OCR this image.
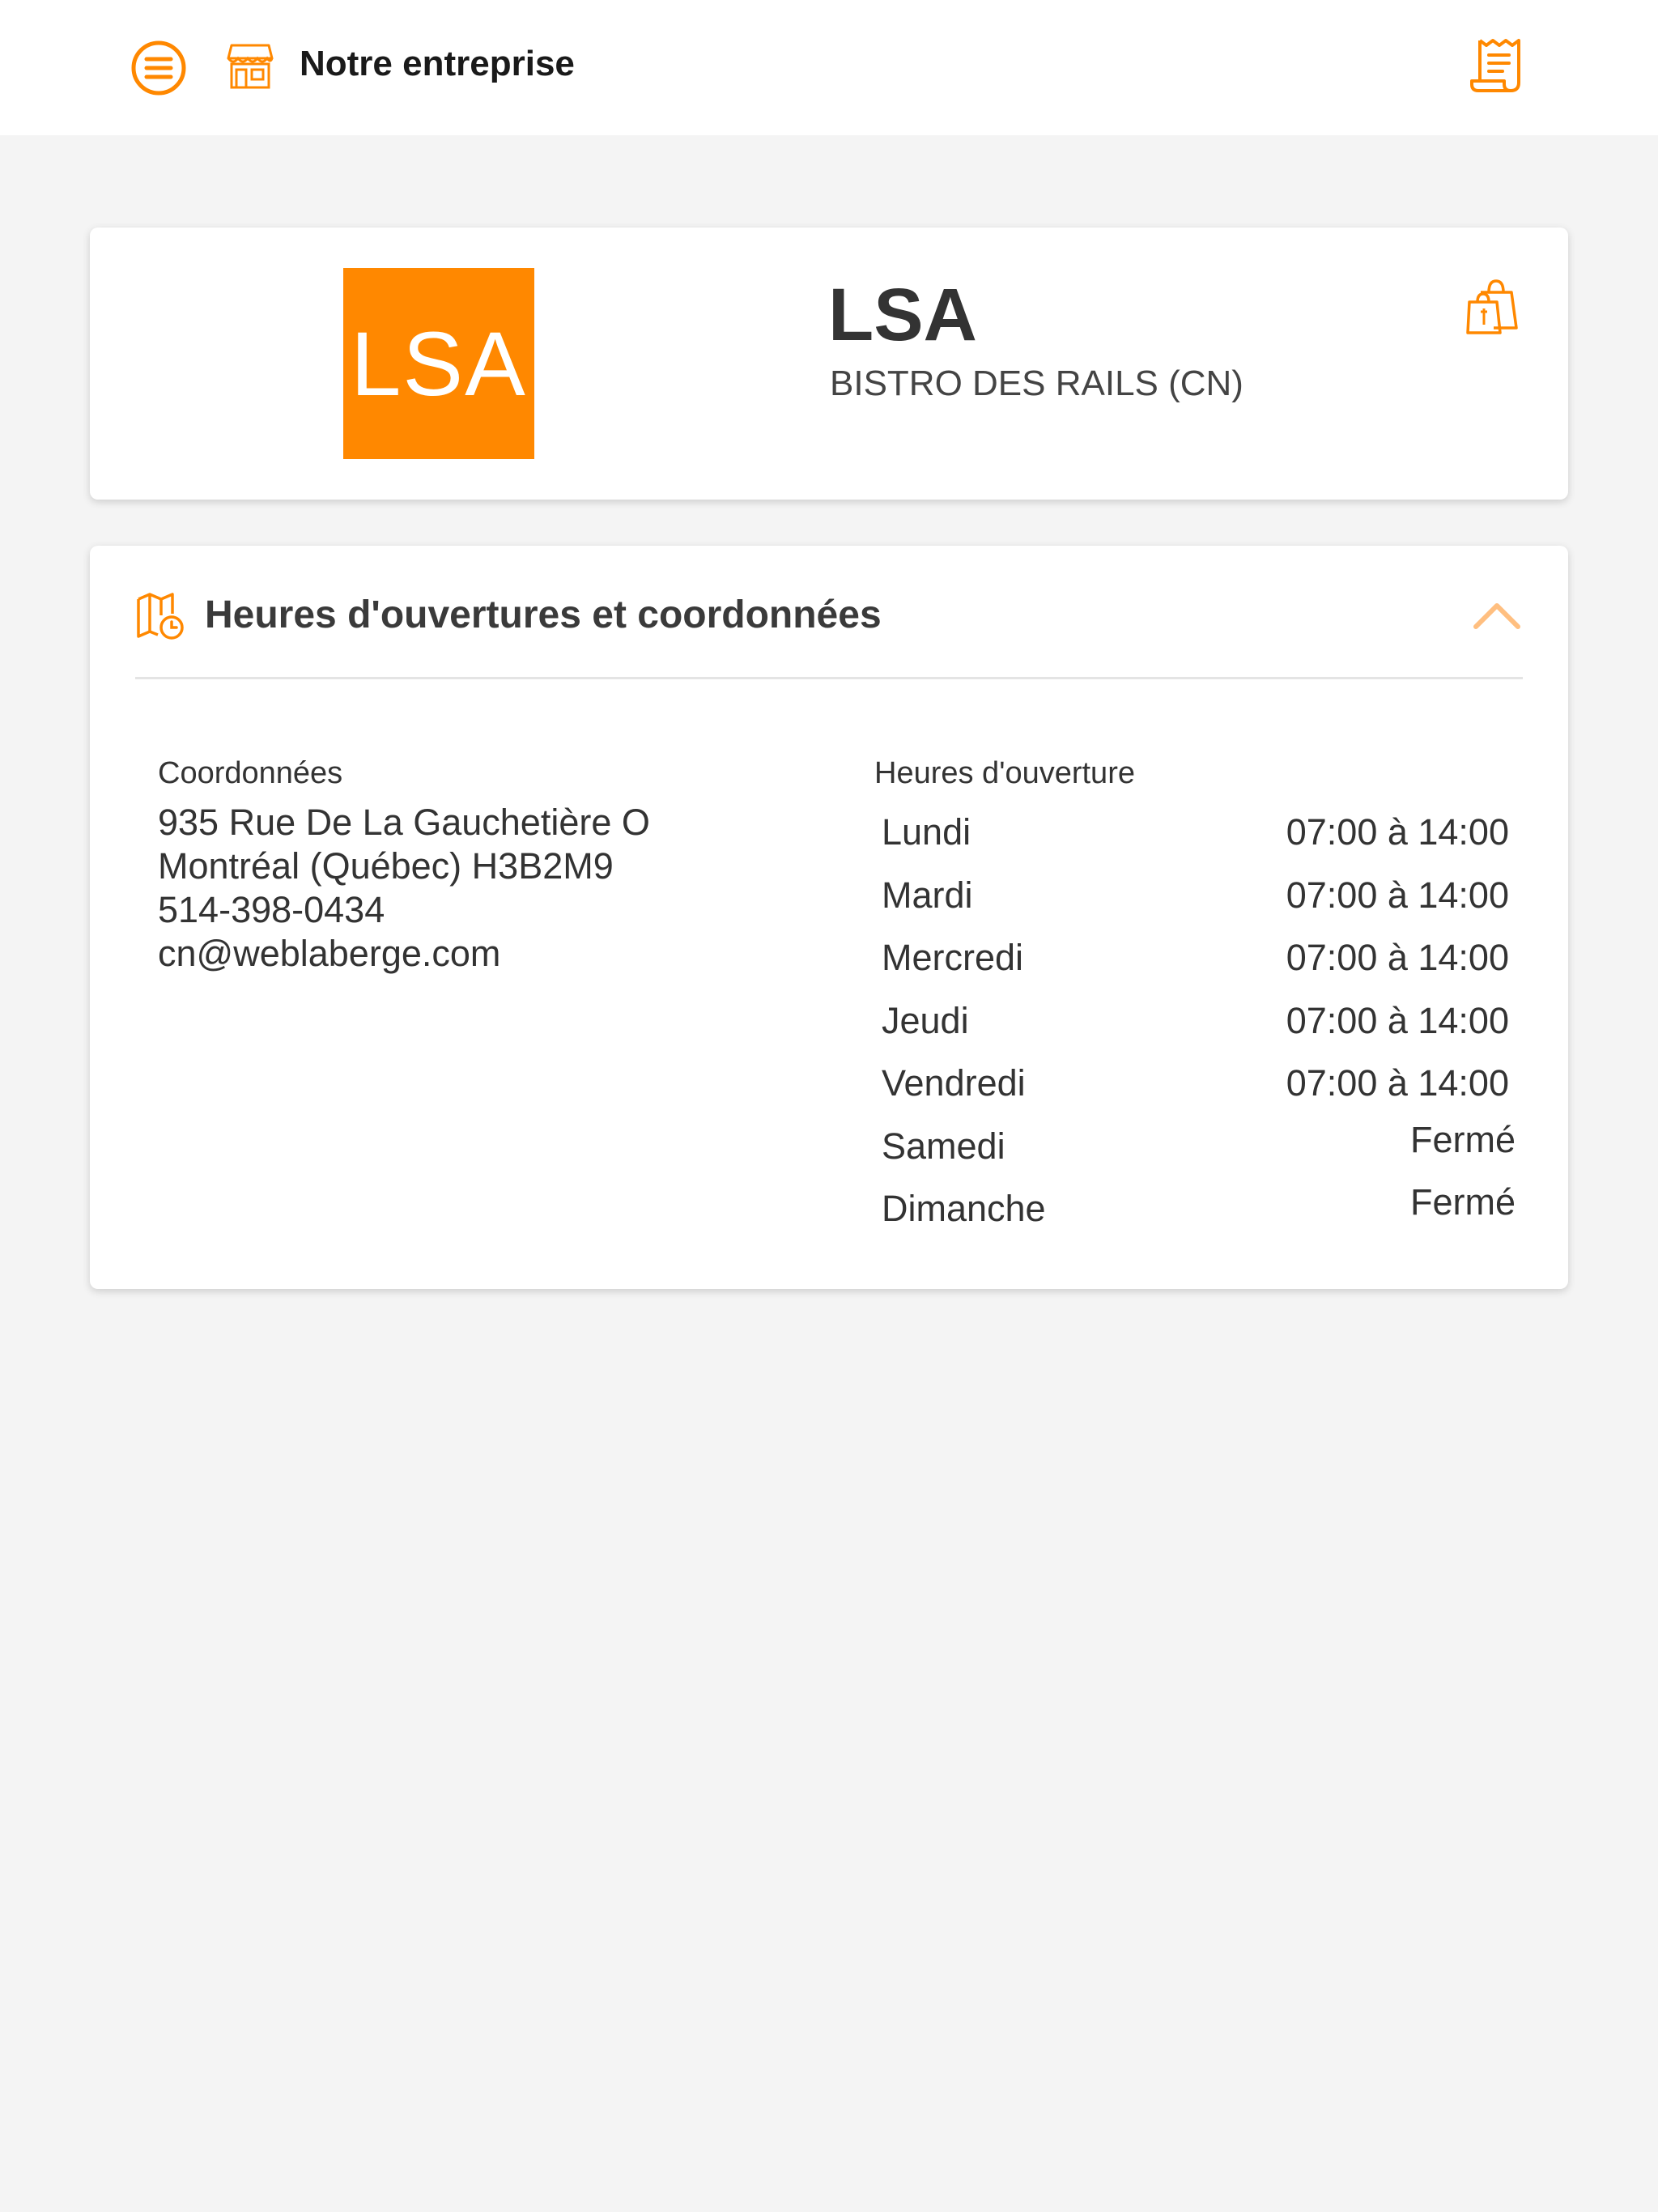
Notre entreprise
LSA	LSA
BISTRO DES RAILS (CN)
Heures d'ouvertures et coordonnées
Coordonnées
935 Rue De La Gauchetière O
Montréal (Québec) H3B2M9
514-398-0434
cn@weblaberge.com
Heures d'ouverture
Lundi	07:00 à 14:00
Mardi	07:00 à 14:00
Mercredi	07:00 à 14:00
Jeudi	07:00 à 14:00
Vendredi	07:00 à 14:00
Samedi	Fermé
Dimanche	Fermé
